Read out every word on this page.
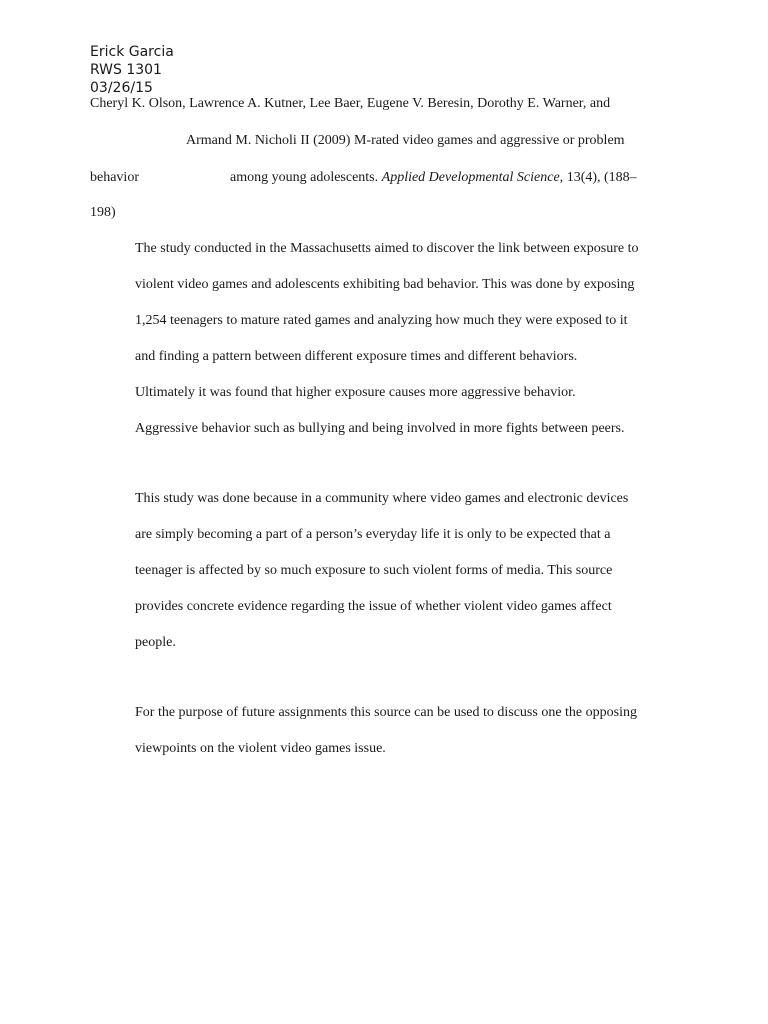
Erick Garcia
RWS 1301
03/26/15
Cheryl K. Olson, Lawrence A. Kutner, Lee Baer, Eugene V. Beresin, Dorothy E. Warner, and
Armand M. Nicholi II (2009) M-rated video games and aggressive or problem
behavior	among young adolescents. Applied Developmental Science, 13(4), (188–
198)
The study conducted in the Massachusetts aimed to discover the link between exposure to
violent video games and adolescents exhibiting bad behavior. This was done by exposing
1,254 teenagers to mature rated games and analyzing how much they were exposed to it
and finding a pattern between different exposure times and different behaviors.
Ultimately it was found that higher exposure causes more aggressive behavior.
Aggressive behavior such as bullying and being involved in more fights between peers.
This study was done because in a community where video games and electronic devices
are simply becoming a part of a person’s everyday life it is only to be expected that a
teenager is affected by so much exposure to such violent forms of media. This source
provides concrete evidence regarding the issue of whether violent video games affect
people.
For the purpose of future assignments this source can be used to discuss one the opposing
viewpoints on the violent video games issue.
